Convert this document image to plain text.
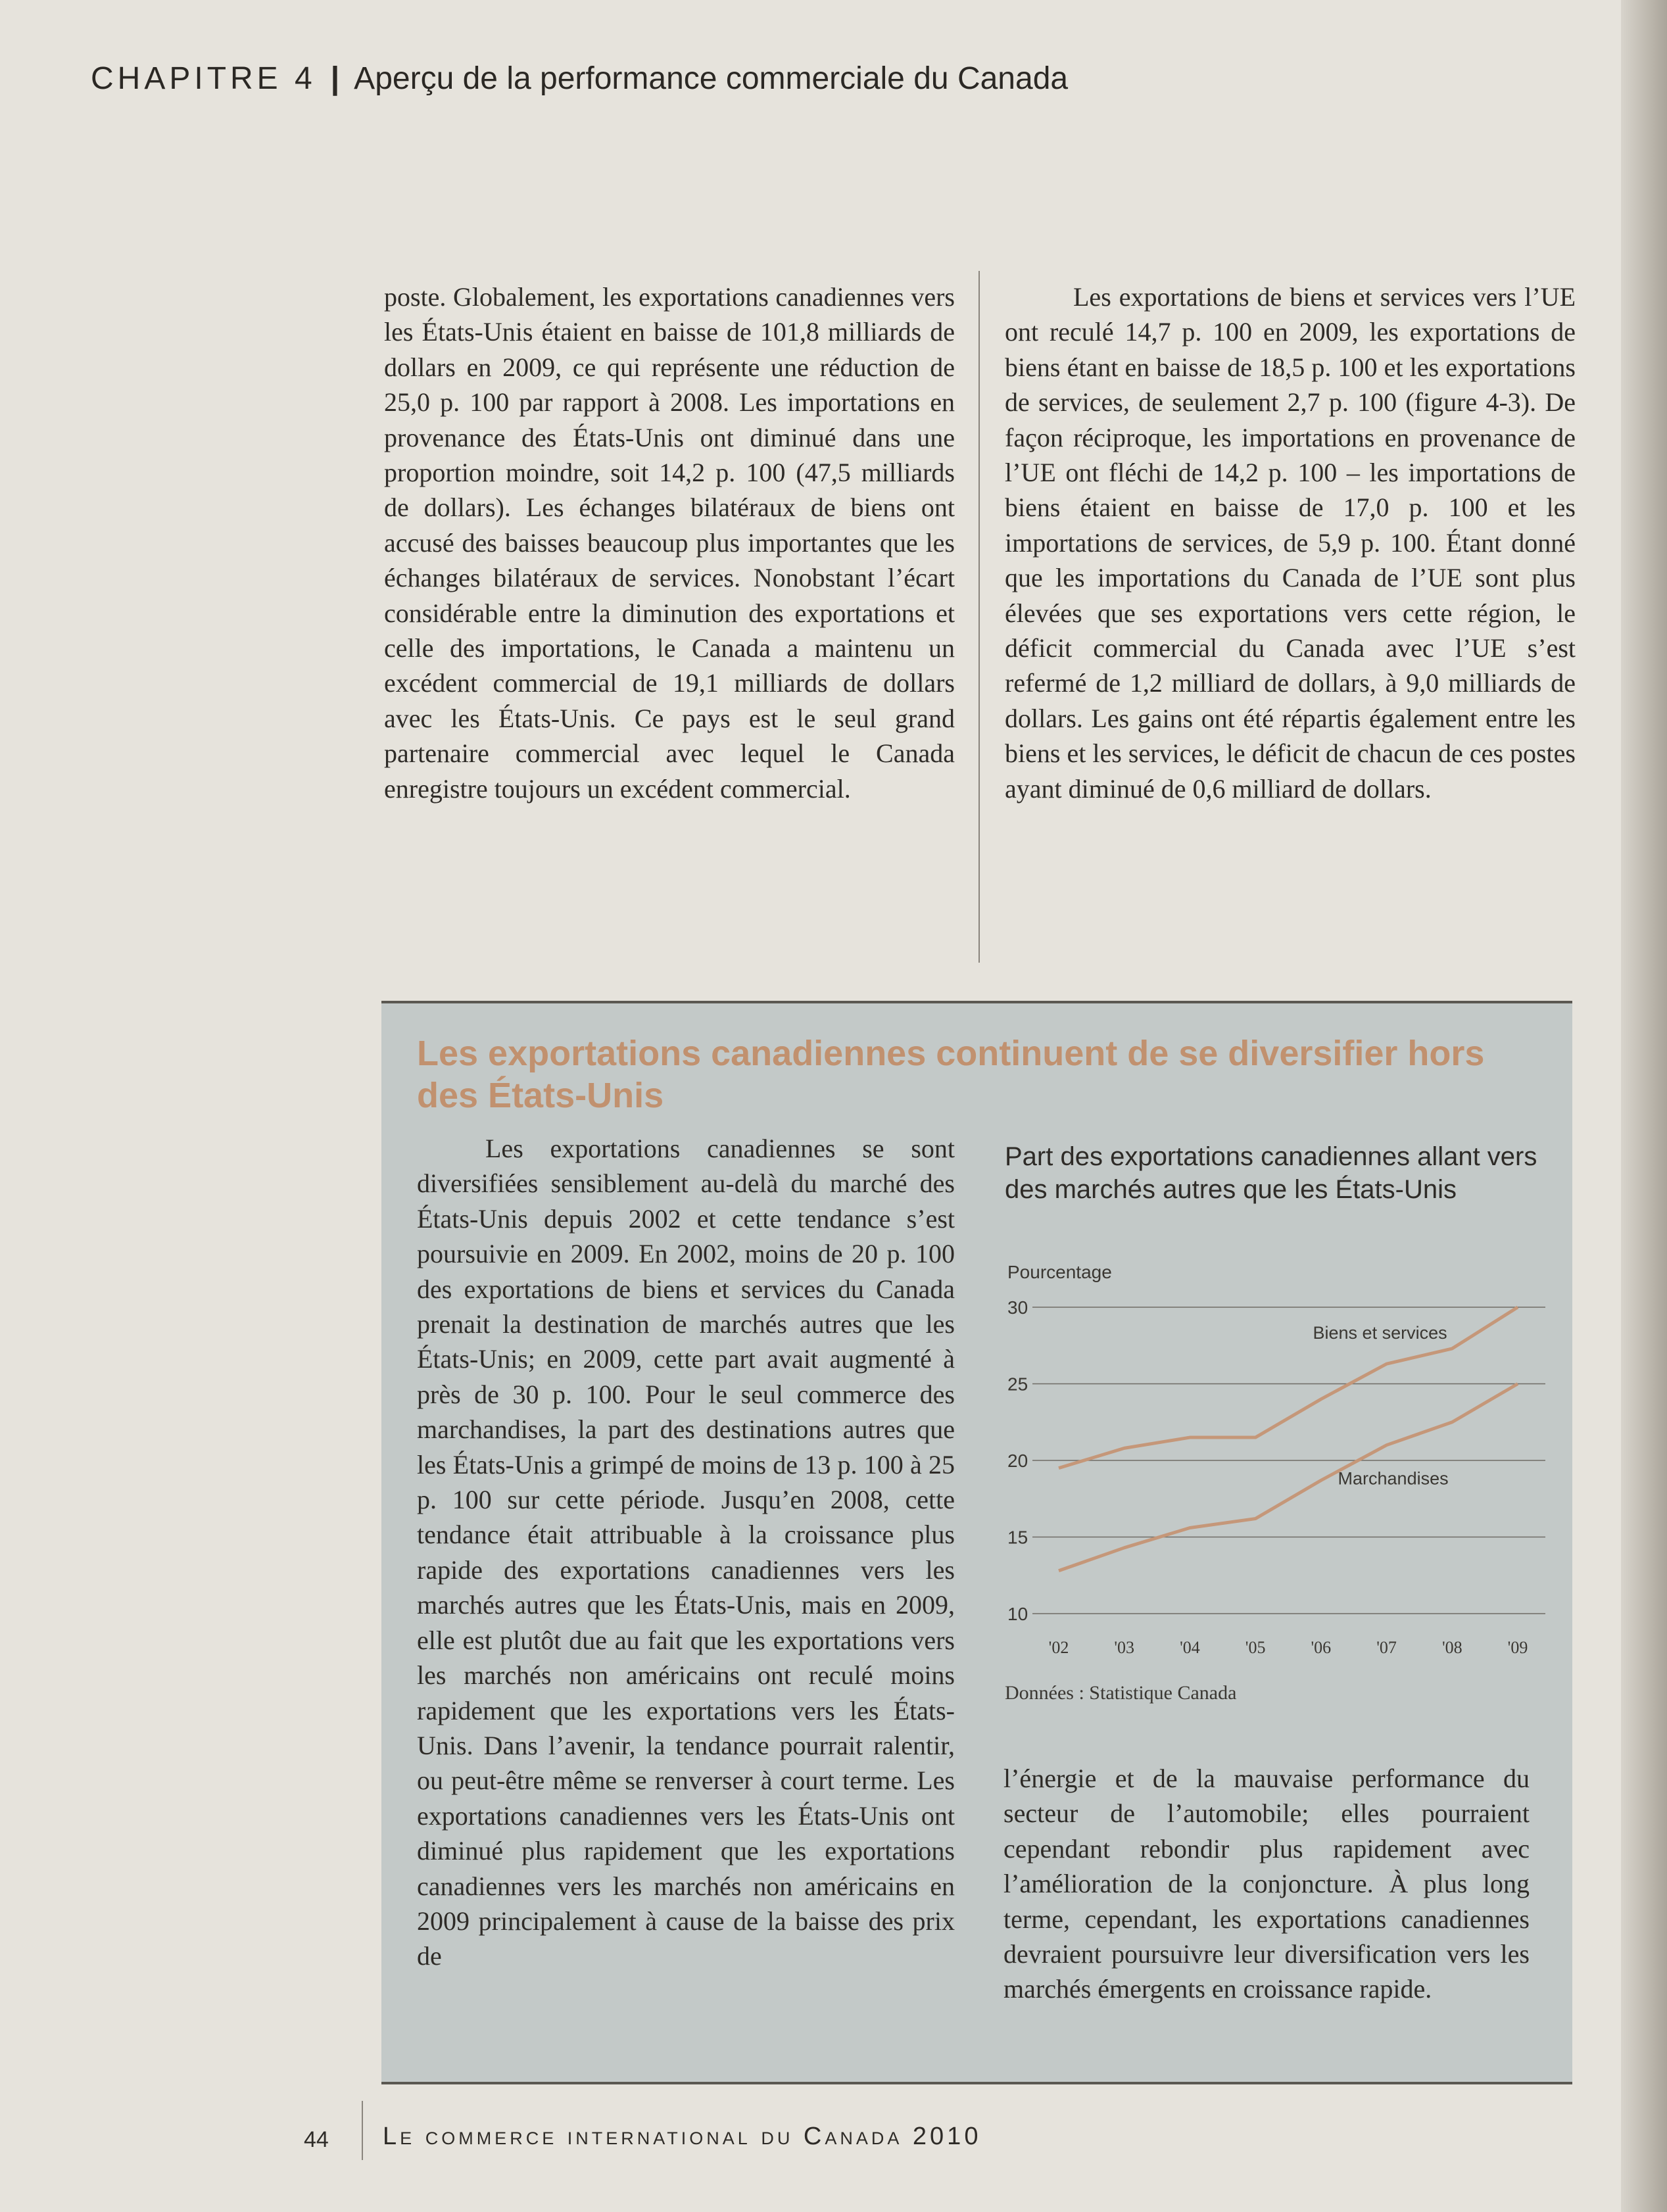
CHAPITRE 4 | Aperçu de la performance commerciale du Canada

poste. Globalement, les exportations canadiennes vers les États-Unis étaient en baisse de 101,8 milliards de dollars en 2009, ce qui représente une réduction de 25,0 p. 100 par rapport à 2008. Les importations en provenance des États-Unis ont diminué dans une proportion moindre, soit 14,2 p. 100 (47,5 milliards de dollars). Les échanges bilatéraux de biens ont accusé des baisses beaucoup plus importantes que les échanges bilatéraux de services. Nonobstant l’écart considérable entre la diminution des exportations et celle des importations, le Canada a maintenu un excédent commercial de 19,1 milliards de dollars avec les États-Unis. Ce pays est le seul grand partenaire commercial avec lequel le Canada enregistre toujours un excédent commercial.

Les exportations de biens et services vers l’UE ont reculé 14,7 p. 100 en 2009, les exportations de biens étant en baisse de 18,5 p. 100 et les exportations de services, de seulement 2,7 p. 100 (figure 4-3). De façon réciproque, les importations en provenance de l’UE ont fléchi de 14,2 p. 100 – les importations de biens étaient en baisse de 17,0 p. 100 et les importations de services, de 5,9 p. 100. Étant donné que les importations du Canada de l’UE sont plus élevées que ses exportations vers cette région, le déficit commercial du Canada avec l’UE s’est refermé de 1,2 milliard de dollars, à 9,0 milliards de dollars. Les gains ont été répartis également entre les biens et les services, le déficit de chacun de ces postes ayant diminué de 0,6 milliard de dollars.

Les exportations canadiennes continuent de se diversifier hors des États-Unis

Les exportations canadiennes se sont diversifiées sensiblement au-delà du marché des États-Unis depuis 2002 et cette tendance s’est poursuivie en 2009. En 2002, moins de 20 p. 100 des exportations de biens et services du Canada prenait la destination de marchés autres que les États-Unis; en 2009, cette part avait augmenté à près de 30 p. 100. Pour le seul commerce des marchandises, la part des destinations autres que les États-Unis a grimpé de moins de 13 p. 100 à 25 p. 100 sur cette période. Jusqu’en 2008, cette tendance était attribuable à la croissance plus rapide des exportations canadiennes vers les marchés autres que les États-Unis, mais en 2009, elle est plutôt due au fait que les exportations vers les marchés non américains ont reculé moins rapidement que les exportations vers les États-Unis. Dans l’avenir, la tendance pourrait ralentir, ou peut-être même se renverser à court terme. Les exportations canadiennes vers les États-Unis ont diminué plus rapidement que les exportations canadiennes vers les marchés non américains en 2009 principalement à cause de la baisse des prix de

Part des exportations canadiennes allant vers des marchés autres que les États-Unis

Pourcentage
30
25
20
15
10
'02	'03	'04	'05	'06	'07	'08	'09
Biens et services
Marchandises
Données : Statistique Canada

l’énergie et de la mauvaise performance du secteur de l’automobile; elles pourraient cependant rebondir plus rapidement avec l’amélioration de la conjoncture. À plus long terme, cependant, les exportations canadiennes devraient poursuivre leur diversification vers les marchés émergents en croissance rapide.

44 Le commerce international du Canada 2010
